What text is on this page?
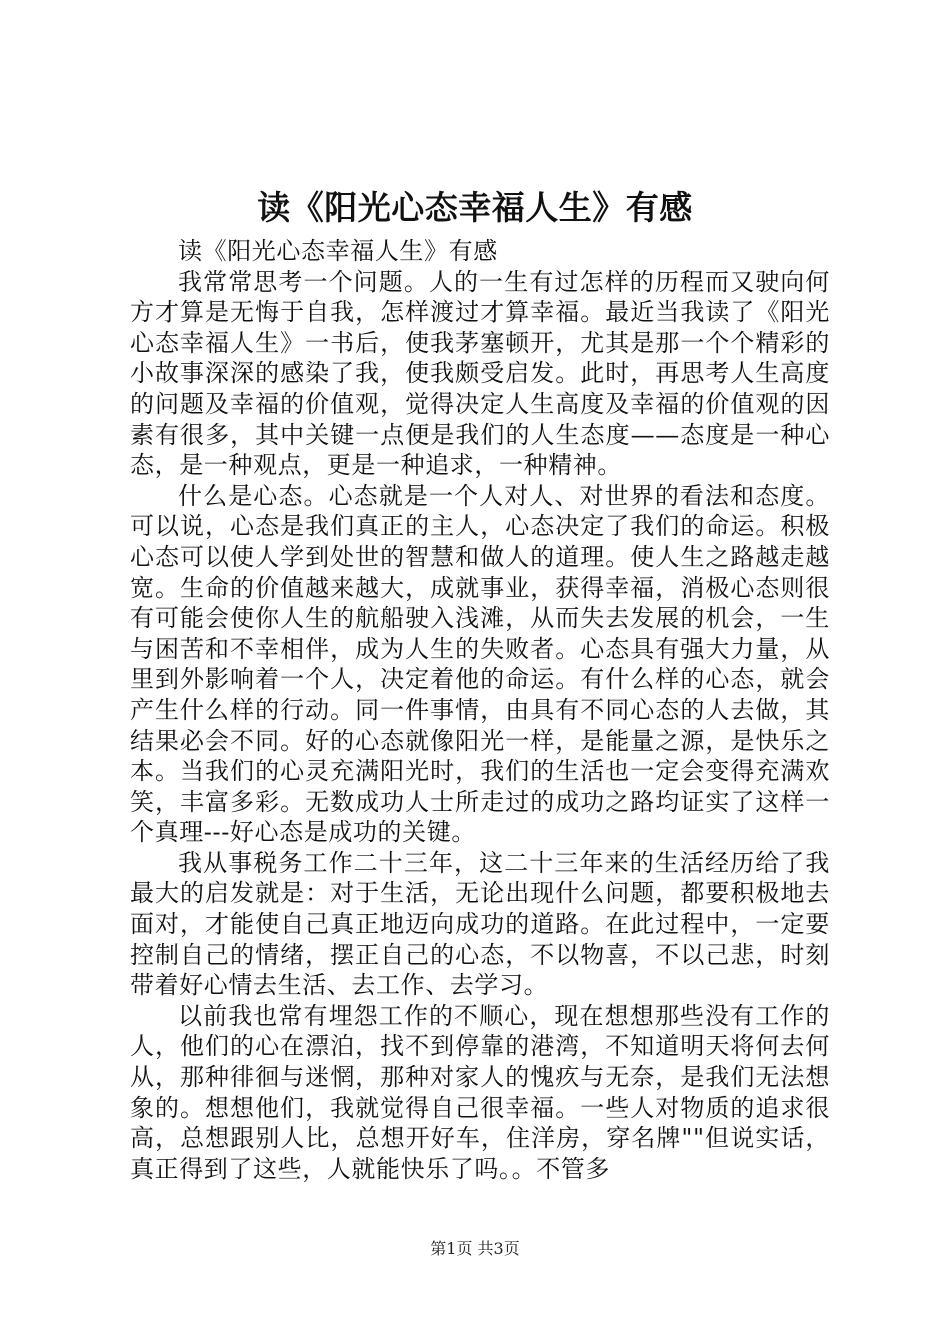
读《阳光心态幸福人生》有感

读《阳光心态幸福人生》有感

我常常思考一个问题。人的一生有过怎样的历程而又驶向何方才算是无悔于自我，怎样渡过才算幸福。最近当我读了《阳光心态幸福人生》一书后，使我茅塞顿开，尤其是那一个个精彩的小故事深深的感染了我，使我颇受启发。此时，再思考人生高度的问题及幸福的价值观，觉得决定人生高度及幸福的价值观的因素有很多，其中关键一点便是我们的人生态度——态度是一种心态，是一种观点，更是一种追求，一种精神。

什么是心态。心态就是一个人对人、对世界的看法和态度。可以说，心态是我们真正的主人，心态决定了我们的命运。积极心态可以使人学到处世的智慧和做人的道理。使人生之路越走越宽。生命的价值越来越大，成就事业，获得幸福，消极心态则很有可能会使你人生的航船驶入浅滩，从而失去发展的机会，一生与困苦和不幸相伴，成为人生的失败者。心态具有强大力量，从里到外影响着一个人，决定着他的命运。有什么样的心态，就会产生什么样的行动。同一件事情，由具有不同心态的人去做，其结果必会不同。好的心态就像阳光一样，是能量之源，是快乐之本。当我们的心灵充满阳光时，我们的生活也一定会变得充满欢笑，丰富多彩。无数成功人士所走过的成功之路均证实了这样一个真理---好心态是成功的关键。

我从事税务工作二十三年，这二十三年来的生活经历给了我最大的启发就是：对于生活，无论出现什么问题，都要积极地去面对，才能使自己真正地迈向成功的道路。在此过程中，一定要控制自己的情绪，摆正自己的心态，不以物喜，不以己悲，时刻带着好心情去生活、去工作、去学习。

以前我也常有埋怨工作的不顺心，现在想想那些没有工作的人，他们的心在漂泊，找不到停靠的港湾，不知道明天将何去何从，那种徘徊与迷惘，那种对家人的愧疚与无奈，是我们无法想象的。想想他们，我就觉得自己很幸福。一些人对物质的追求很高，总想跟别人比，总想开好车，住洋房，穿名牌""但说实话，真正得到了这些，人就能快乐了吗。。不管多

第1页 共3页
